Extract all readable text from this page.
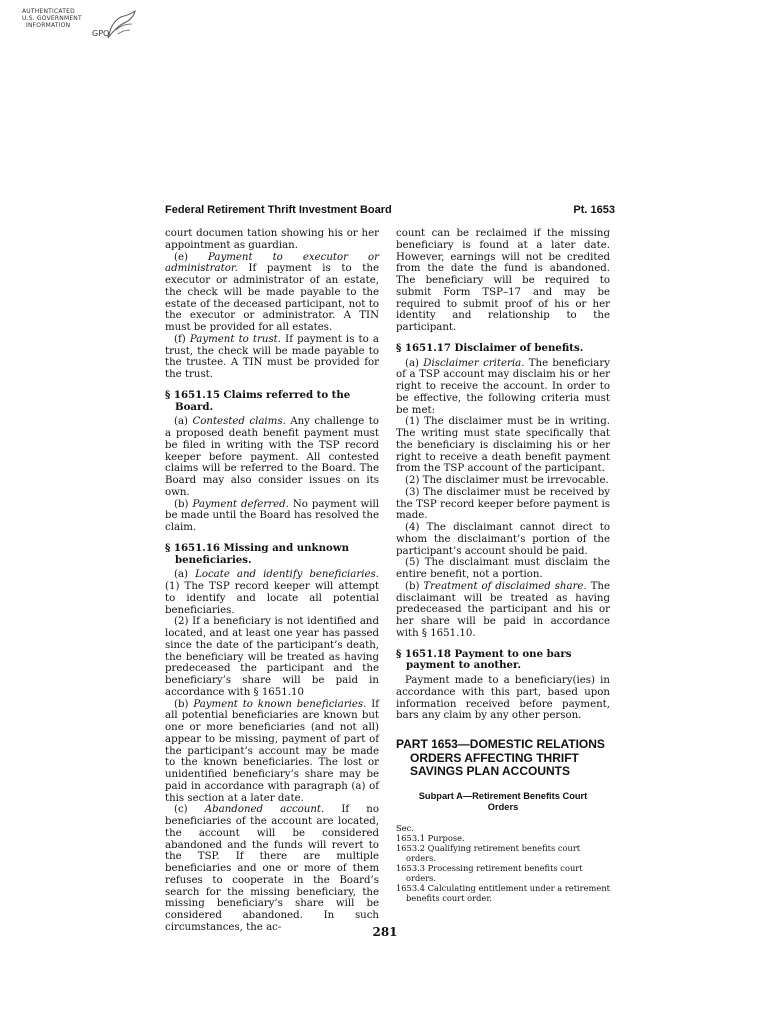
AUTHENTICATED
U.S. GOVERNMENT
INFORMATION
GPO
Federal Retirement Thrift Investment Board	Pt. 1653

court documen tation showing his or her appointment as guardian.

(e) Payment to executor or administrator. If payment is to the executor or administrator of an estate, the check will be made payable to the estate of the deceased participant, not to the executor or administrator. A TIN must be provided for all estates.

(f) Payment to trust. If payment is to a trust, the check will be made payable to the trustee. A TIN must be provided for the trust.

§ 1651.15 Claims referred to the Board.

(a) Contested claims. Any challenge to a proposed death benefit payment must be filed in writing with the TSP record keeper before payment. All contested claims will be referred to the Board. The Board may also consider issues on its own.

(b) Payment deferred. No payment will be made until the Board has resolved the claim.

§ 1651.16 Missing and unknown beneficiaries.

(a) Locate and identify beneficiaries. (1) The TSP record keeper will attempt to identify and locate all potential beneficiaries.

(2) If a beneficiary is not identified and located, and at least one year has passed since the date of the participant’s death, the beneficiary will be treated as having predeceased the participant and the beneficiary’s share will be paid in accordance with § 1651.10

(b) Payment to known beneficiaries. If all potential beneficiaries are known but one or more beneficiaries (and not all) appear to be missing, payment of part of the participant’s account may be made to the known beneficiaries. The lost or unidentified beneficiary’s share may be paid in accordance with paragraph (a) of this section at a later date.

(c) Abandoned account. If no beneficiaries of the account are located, the account will be considered abandoned and the funds will revert to the TSP. If there are multiple beneficiaries and one or more of them refuses to cooperate in the Board’s search for the missing beneficiary, the missing beneficiary’s share will be considered abandoned. In such circumstances, the ac-

count can be reclaimed if the missing beneficiary is found at a later date. However, earnings will not be credited from the date the fund is abandoned. The beneficiary will be required to submit Form TSP–17 and may be required to submit proof of his or her identity and relationship to the participant.

§ 1651.17 Disclaimer of benefits.

(a) Disclaimer criteria. The beneficiary of a TSP account may disclaim his or her right to receive the account. In order to be effective, the following criteria must be met:

(1) The disclaimer must be in writing. The writing must state specifically that the beneficiary is disclaiming his or her right to receive a death benefit payment from the TSP account of the participant.

(2) The disclaimer must be irrevocable.

(3) The disclaimer must be received by the TSP record keeper before payment is made.

(4) The disclaimant cannot direct to whom the disclaimant’s portion of the participant’s account should be paid.

(5) The disclaimant must disclaim the entire benefit, not a portion.

(b) Treatment of disclaimed share. The disclaimant will be treated as having predeceased the participant and his or her share will be paid in accordance with § 1651.10.

§ 1651.18 Payment to one bars payment to another.

Payment made to a beneficiary(ies) in accordance with this part, based upon information received before payment, bars any claim by any other person.

PART 1653—DOMESTIC RELATIONS ORDERS AFFECTING THRIFT SAVINGS PLAN ACCOUNTS
Subpart A—Retirement Benefits Court
Orders
Sec.
1653.1 Purpose.
1653.2 Qualifying retirement benefits court orders.
1653.3 Processing retirement benefits court orders.
1653.4 Calculating entitlement under a retirement benefits court order.
281
